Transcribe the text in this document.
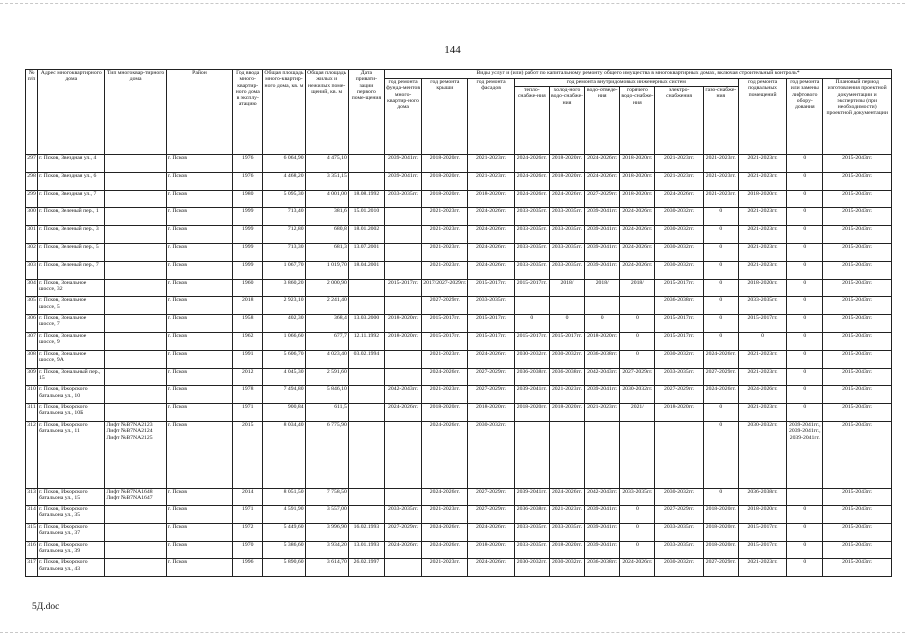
144
№ п/п	Адрес многоквартирного дома	Тип многоквар-тирного дома	Район	Год ввода много-квартир-ного дома в эксплу-атацию	Общая площадь много-квартир-ного дома, кв. м	Общая площадь жилых и нежилых поме-щений, кв. м	Дата привати-зации первого поме-щения	Виды услуг и (или) работ по капитальному ремонту общего имущества в многоквартирных домах, включая строительный контроль*											
								год ремонта фунда-ментов много-квартир-ного дома	год ремонта крыши	год ремонта фасадов	год ремонта внутридомовых инженерных систем						год ремонта подвальных помещений	год ремонта или замены лифтового обору-дования	Плановый период изготовления проектной документации и экспертизы (при необходимости) проектной документации
											тепло-снабже-ния	холод-ного водо-снабже-ния	водо-отведе-ния	горячего водо-снабже-ния	электро-снабжения	газо-снабже-ния			
297	г. Псков, Звездная ул., 4		г. Псков	1976	6 064,90	4 475,10		2039-2041гг.	2018-2020гг.	2021-2023гг.	2024-2026гг.	2018-2020гг.	2024-2026гг.	2018-2020гг.	2021-2023гг.	2021-2023гг.	2021-2023гг.	0	2015-2043гг.
298	г. Псков, Звездная ул., 6		г. Псков	1976	4 468,20	3 351,15		2039-2041гг.	2018-2020гг.	2021-2023гг.	2024-2026гг.	2018-2020гг.	2024-2026гг.	2018-2020гг.	2021-2023гг.	2021-2023гг.	2021-2023гг.	0	2015-2043гг.
299	г. Псков, Звездная ул., 7		г. Псков	1980	5 095,30	4 001,00	18.08.1992	2033-2035гг.	2018-2020гг.	2018-2020гг.	2024-2026гг.	2024-2026гг.	2027-2029гг.	2018-2020гг.	2024-2026гг.	2021-2023гг.	2018-2020гг.	0	2015-2043гг.
300	г. Псков, Зеленый пер., 1		г. Псков	1999	713,40	381,6	15.01.2010		2021-2023гг.	2024-2026гг.	2033-2035гг.	2033-2035гг.	2039-2041гг.	2024-2026гг.	2030-2032гг.	0	2021-2023гг.	0	2015-2043гг.
301	г. Псков, Зеленый пер., 3		г. Псков	1999	712,80	680,8	18.01.2002		2021-2023гг.	2024-2026гг.	2033-2035гг.	2033-2035гг.	2039-2041гг.	2024-2026гг.	2030-2032гг.	0	2021-2023гг.	0	2015-2043гг.
302	г. Псков, Зеленый пер., 5		г. Псков	1999	713,30	681,3	13.07.2001		2021-2023гг.	2024-2026гг.	2033-2035гг.	2033-2035гг.	2039-2041гг.	2024-2026гг.	2030-2032гг.	0	2021-2023гг.	0	2015-2043гг.
303	г. Псков, Зеленый пер., 7		г. Псков	1999	1 067,70	1 019,70	18.04.2001		2021-2023гг.	2024-2026гг.	2033-2035гг.	2033-2035гг.	2039-2041гг.	2024-2026гг.	2030-2032гг.	0	2021-2023гг.	0	2015-2043гг.
304	г. Псков, Зональное шоссе, 32		г. Псков	1960	3 860,20	2 000,90		2015-2017гг.	2017/2027-2029гг.	2015-2017гг.	2015-2017гг.	2018/	2018/	2018/	2015-2017гг.	0	2018-2020гг.	0	2015-2043гг.
305	г. Псков, Зональное шоссе, 5		г. Псков	2018	2 923,10	2 241,40			2027-2029гг.	2033-2035гг.					2036-2038гг.	0	2033-2035гг.	0	2015-2043гг.
306	г. Псков, Зональное шоссе, 7		г. Псков	1958	402,30	368,4	13.03.2000	2018-2020гг.	2015-2017гг.	2015-2017гг.	0	0	0	0	2015-2017гг.	0	2015-2017гг.	0	2015-2043гг.
307	г. Псков, Зональное шоссе, 9		г. Псков	1962	1 066,60	677,7	12.11.1992	2018-2020гг.	2015-2017гг.	2015-2017гг.	2015-2017гг.	2015-2017гг.	2018-2020гг.	0	2015-2017гг.	0	0	0	2015-2043гг.
308	г. Псков, Зональное шоссе, 9А		г. Псков	1991	5 606,70	4 023,40	03.02.1994		2021-2023гг.	2024-2026гг.	2030-2032гг.	2030-2032гг.	2036-2038гг.	0	2030-2032гг.	2024-2026гг.	2021-2023гг.	0	2015-2043гг.
309	г. Псков, Зональный пер., 15		г. Псков	2012	4 045,30	2 591,60			2024-2026гг.	2027-2029гг.	2036-2038гг.	2036-2038гг.	2042-2043гг.	2027-2029гг.	2033-2035гг.	2027-2029гг.	2021-2023гг.	0	2015-2043гг.
310	г. Псков, Ижорского батальона ул., 10		г. Псков	1978	7 494,80	5 846,10		2042-2043гг.	2021-2023гг.	2027-2029гг.	2039-2041гг.	2021-2023гг.	2039-2041гг.	2030-2032гг.	2027-2029гг.	2024-2026гг.	2024-2026гг.	0	2015-2043гг.
311	г. Псков, Ижорского батальона ул., 10Б		г. Псков	1971	900,84	611,5		2024-2026гг.	2018-2020гг.	2018-2020гг.	2018-2020гг.	2018-2020гг.	2021-2023гг.	2021/	2018-2020гг.	0	2021-2023гг.	0	2015-2043гг.
312	г. Псков, Ижорского батальона ул., 11	Лифт №В7NA2123 Лифт №В7NA2124 Лифт №В7NA2125	г. Псков	2015	8 034,40	6 775,90			2024-2026гг.	2030-2032гг.						0	2030-2032гг.	2039-2041гг., 2039-2041гг., 2039-2041гг.	2015-2043гг.
313	г. Псков, Ижорского батальона ул., 15	Лифт №В7NA1648 Лифт №В7NA1647	г. Псков	2014	8 051,50	7 758,50			2024-2026гг.	2027-2029гг.	2039-2041гг.	2024-2026гг.	2042-2043гг.	2033-2035гг.	2030-2032гг.	0	2036-2038гг.		2015-2043гг.
314	г. Псков, Ижорского батальона ул., 35		г. Псков	1971	4 591,90	3 557,00		2033-2035гг.	2021-2023гг.	2027-2029гг.	2036-2038гг.	2021-2023гг.	2039-2041гг.	0	2027-2029гг.	2018-2020гг.	2018-2020гг.	0	2015-2043гг.
315	г. Псков, Ижорского батальона ул., 37		г. Псков	1972	5 449,60	3 996,90	16.02.1993	2027-2029гг.	2024-2026гг.	2024-2026гг.	2033-2035гг.	2033-2035гг.	2039-2041гг.	0	2033-2035гг.	2018-2020гг.	2015-2017гг.	0	2015-2043гг.
316	г. Псков, Ижорского батальона ул., 39		г. Псков	1970	5 386,60	3 934,20	13.01.1993	2024-2026гг.	2024-2026гг.	2018-2020гг.	2033-2035гг.	2018-2020гг.	2039-2041гг.	0	2033-2035гг.	2018-2020гг.	2015-2017гг.	0	2015-2043гг.
317	г. Псков, Ижорского батальона ул., 43		г. Псков	1996	5 890,60	3 614,70	26.02.1997		2021-2023гг.	2024-2026гг.	2030-2032гг.	2030-2032гг.	2036-2038гг.	2024-2026гг.	2030-2032гг.	2027-2029гг.	2021-2023гг.	0	2015-2043гг.
5Д.doc
